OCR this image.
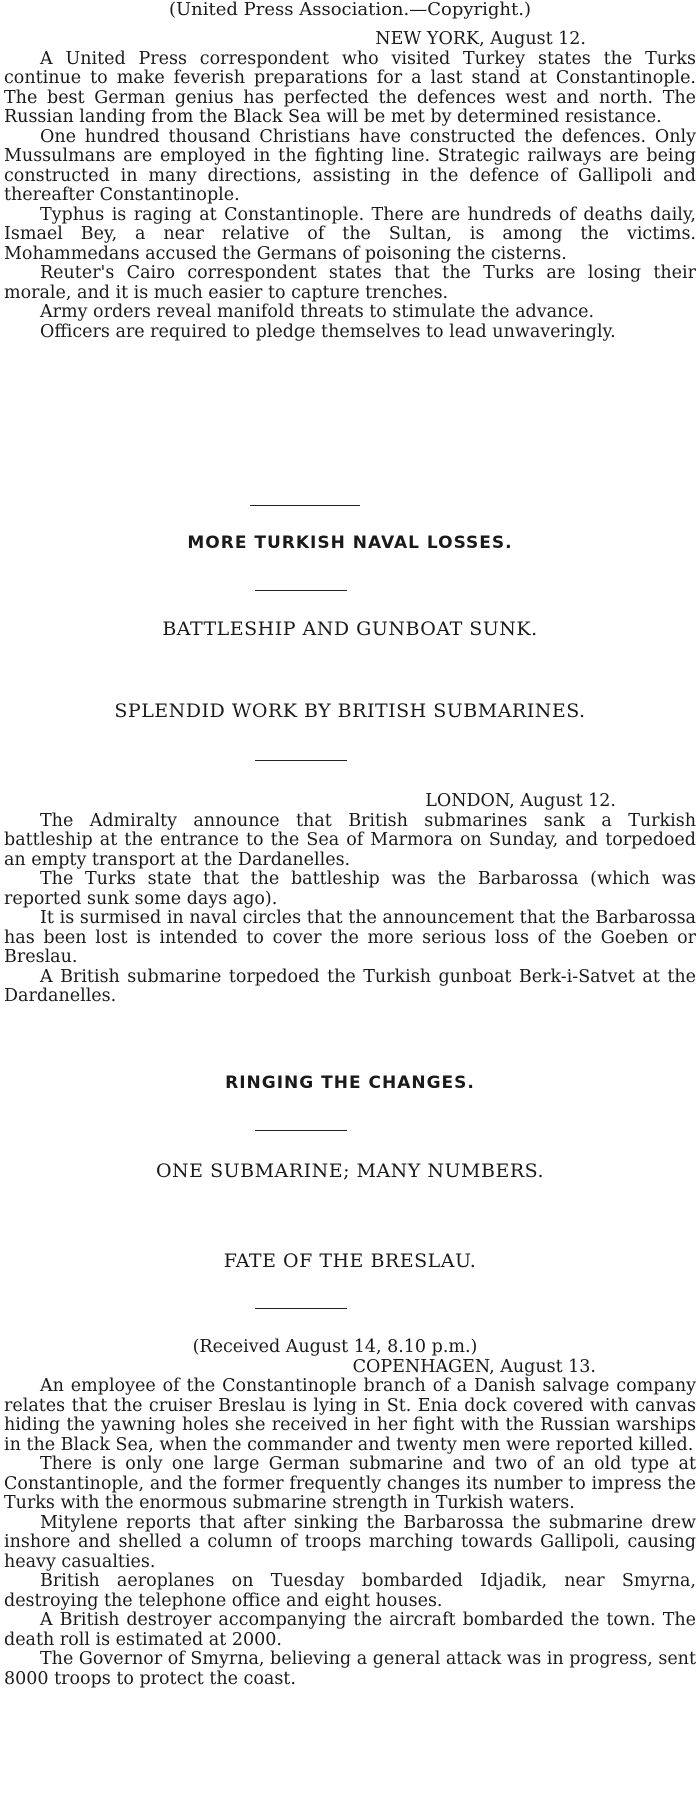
(United Press Association.—Copyright.)

NEW YORK, August 12.

A United Press correspondent who visited Turkey states the Turks continue to make feverish preparations for a last stand at Constantinople. The best German genius has perfected the defences west and north. The Russian landing from the Black Sea will be met by determined resistance.

One hundred thousand Christians have constructed the defences. Only Mussulmans are employed in the fighting line. Strategic railways are being constructed in many directions, assisting in the defence of Gallipoli and thereafter Constantinople.

Typhus is raging at Constantinople. There are hundreds of deaths daily, Ismael Bey, a near relative of the Sultan, is among the victims. Mohammedans accused the Germans of poisoning the cisterns.

Reuter's Cairo correspondent states that the Turks are losing their morale, and it is much easier to capture trenches.

Army orders reveal manifold threats to stimulate the advance.

Officers are required to pledge themselves to lead unwaveringly.

MORE TURKISH NAVAL LOSSES.
BATTLESHIP AND GUNBOAT SUNK.
SPLENDID WORK BY BRITISH SUBMARINES.

LONDON, August 12.

The Admiralty announce that British submarines sank a Turkish battleship at the entrance to the Sea of Marmora on Sunday, and torpedoed an empty transport at the Dardanelles.

The Turks state that the battleship was the Barbarossa (which was reported sunk some days ago).

It is surmised in naval circles that the announcement that the Barbarossa has been lost is intended to cover the more serious loss of the Goeben or Breslau.

A British submarine torpedoed the Turkish gunboat Berk-i-Satvet at the Dardanelles.

RINGING THE CHANGES.
ONE SUBMARINE; MANY NUMBERS.
FATE OF THE BRESLAU.

(Received August 14, 8.10 p.m.)

COPENHAGEN, August 13.

An employee of the Constantinople branch of a Danish salvage company relates that the cruiser Breslau is lying in St. Enia dock covered with canvas hiding the yawning holes she received in her fight with the Russian warships in the Black Sea, when the commander and twenty men were reported killed.

There is only one large German submarine and two of an old type at Constantinople, and the former frequently changes its number to impress the Turks with the enormous submarine strength in Turkish waters.

Mitylene reports that after sinking the Barbarossa the submarine drew inshore and shelled a column of troops marching towards Gallipoli, causing heavy casualties.

British aeroplanes on Tuesday bombarded Idjadik, near Smyrna, destroying the telephone office and eight houses.

A British destroyer accompanying the aircraft bombarded the town. The death roll is estimated at 2000.

The Governor of Smyrna, believing a general attack was in progress, sent 8000 troops to protect the coast.
